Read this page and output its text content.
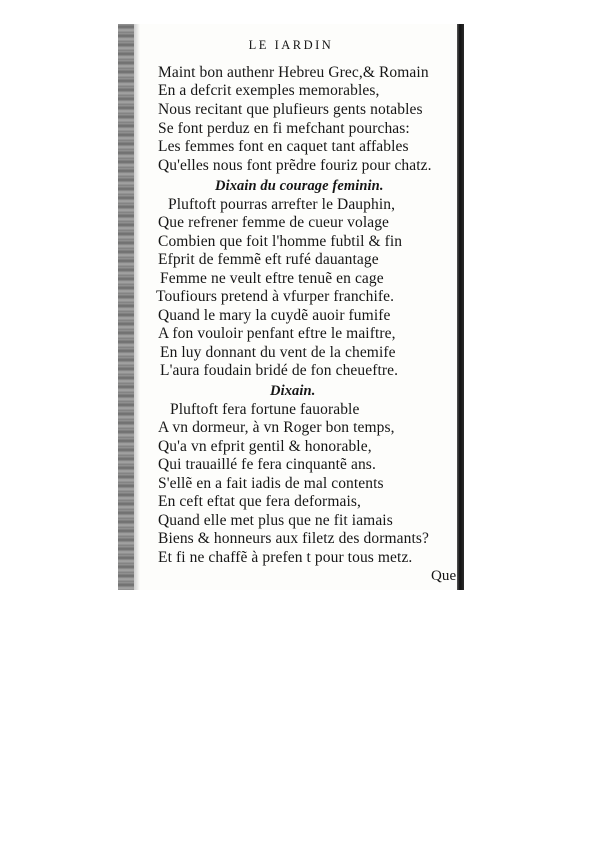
LE IARDIN
Maint bon authenr Hebreu Grec,& Romain
En a defcrit exemples memorables,
Nous recitant que plufieurs gents notables
Se font perduz en fi mefchant pourchas:
Les femmes font en caquet tant affables
Qu'elles nous font prẽdre fouriz pour chatz.
Dixain du courage feminin.
Pluftoft pourras arrefter le Dauphin,
Que refrener femme de cueur volage
Combien que foit l'homme fubtil & fin
Efprit de femmẽ eft rufé dauantage
Femme ne veult eftre tenuẽ en cage
Toufiours pretend à vfurper franchife.
Quand le mary la cuydẽ auoir fumife
A fon vouloir penfant eftre le maiftre,
En luy donnant du vent de la chemife
L'aura foudain bridé de fon cheueftre.
Dixain.
Pluftoft fera fortune fauorable
A vn dormeur, à vn Roger bon temps,
Qu'a vn efprit gentil & honorable,
Qui trauaillé fe fera cinquantẽ ans.
S'ellẽ en a fait iadis de mal contents
En ceft eftat que fera deformais,
Quand elle met plus que ne fit iamais
Biens & honneurs aux filetz des dormants?
Et fi ne chaffẽ à prefen t pour tous metz.
Que
